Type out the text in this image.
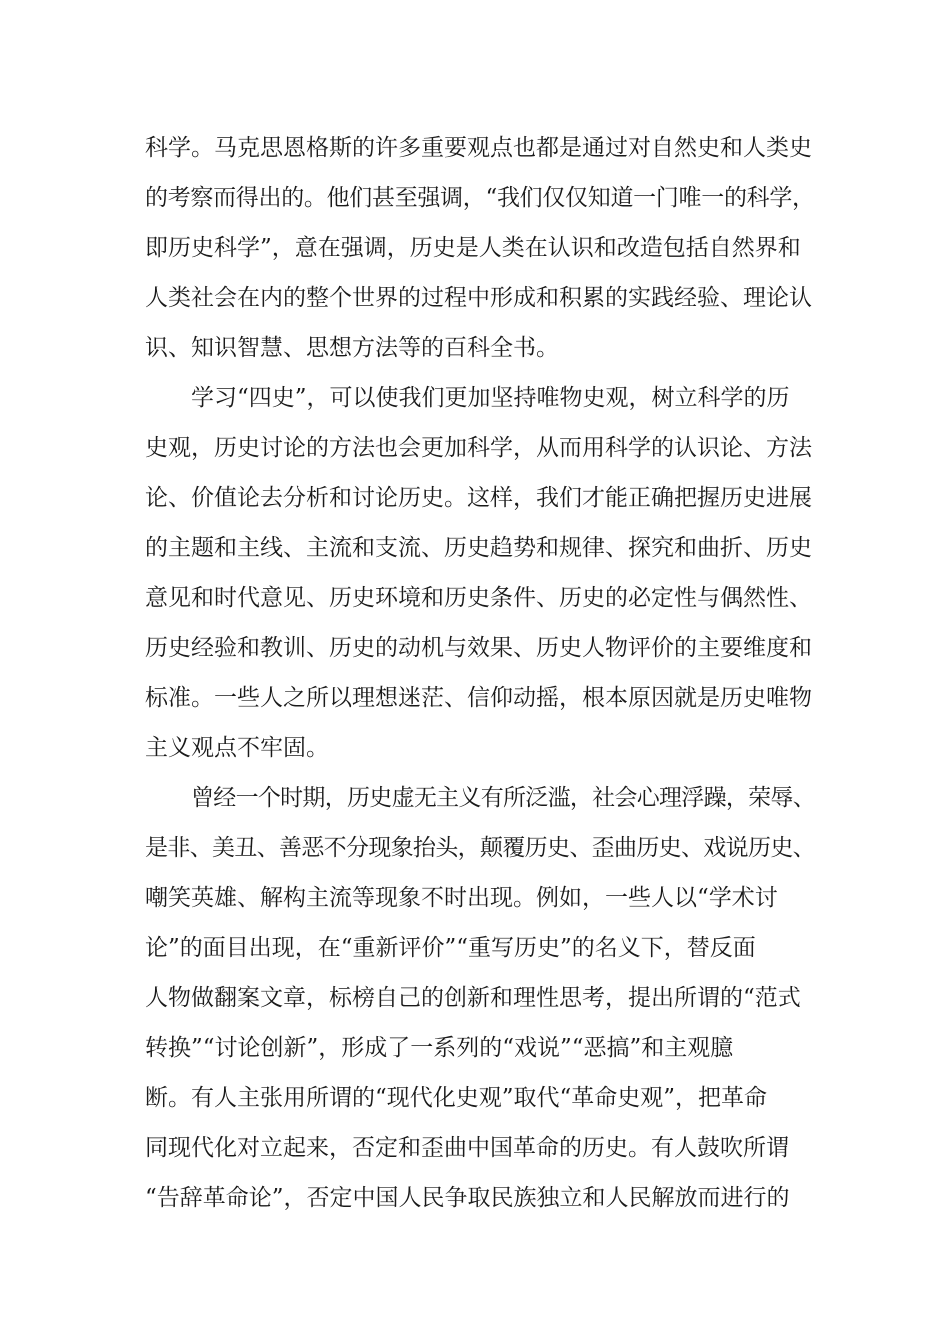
科学。马克思恩格斯的许多重要观点也都是通过对自然史和人类史
的考察而得出的。他们甚至强调，“我们仅仅知道一门唯一的科学，
即历史科学”，意在强调，历史是人类在认识和改造包括自然界和
人类社会在内的整个世界的过程中形成和积累的实践经验、理论认
识、知识智慧、思想方法等的百科全书。

学习“四史”，可以使我们更加坚持唯物史观，树立科学的历
史观，历史讨论的方法也会更加科学，从而用科学的认识论、方法
论、价值论去分析和讨论历史。这样，我们才能正确把握历史进展
的主题和主线、主流和支流、历史趋势和规律、探究和曲折、历史
意见和时代意见、历史环境和历史条件、历史的必定性与偶然性、
历史经验和教训、历史的动机与效果、历史人物评价的主要维度和
标准。一些人之所以理想迷茫、信仰动摇，根本原因就是历史唯物
主义观点不牢固。

曾经一个时期，历史虚无主义有所泛滥，社会心理浮躁，荣辱、
是非、美丑、善恶不分现象抬头，颠覆历史、歪曲历史、戏说历史、
嘲笑英雄、解构主流等现象不时出现。例如，一些人以“学术讨
论”的面目出现，在“重新评价”“重写历史”的名义下，替反面
人物做翻案文章，标榜自己的创新和理性思考，提出所谓的“范式
转换”“讨论创新”，形成了一系列的“戏说”“恶搞”和主观臆
断。有人主张用所谓的“现代化史观”取代“革命史观”，把革命
同现代化对立起来，否定和歪曲中国革命的历史。有人鼓吹所谓
“告辞革命论”，否定中国人民争取民族独立和人民解放而进行的
